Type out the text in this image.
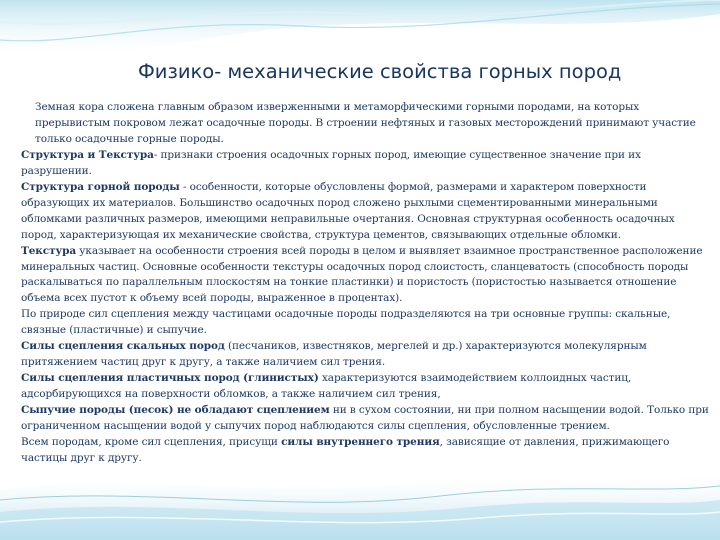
Физико- механические свойства горных пород

Земная кора сложена главным образом изверженными и метаморфическими горными породами, на которых прерывистым покровом лежат осадочные породы. В строении нефтяных и газовых месторождений принимают участие только осадочные горные породы.

Структура и Текстура- признаки строения осадочных горных пород, имеющие существенное значение при их разрушении.

Структура горной породы - особенности, которые обусловлены формой, размерами и характером поверхности образующих их материалов. Большинство осадочных пород сложено рыхлыми сцементированными минеральными обломками различных размеров, имеющими неправильные очертания. Основная структурная особенность осадочных пород, характеризующая их механические свойства, структура цементов, связывающих отдельные обломки.

Текстура указывает на особенности строения всей породы в целом и выявляет взаимное пространственное расположение минеральных частиц. Основные особенности текстуры осадочных пород слоистость, сланцеватость (способность породы раскалываться по параллельным плоскостям на тонкие пластинки) и пористость (пористостью называется отношение объема всех пустот к объему всей породы, выраженное в процентах).

По природе сил сцепления между частицами осадочные породы подразделяются на три основные группы: скальные, связные (пластичные) и сыпучие.

Силы сцепления скальных пород (песчаников, известняков, мергелей и др.) характеризуются молекулярным притяжением частиц друг к другу, а также наличием сил трения.

Силы сцепления пластичных пород (глинистых) характеризуются взаимодействием коллоидных частиц, адсорбирующихся на поверхности обломков, а также наличием сил трения,

Сыпучие породы (песок) не обладают сцеплением ни в сухом состоянии, ни при полном насыщении водой. Только при ограниченном насыщении водой у сыпучих пород наблюдаются силы сцепления, обусловленные трением.

Всем породам, кроме сил сцепления, присущи силы внутреннего трения, зависящие от давления, прижимающего частицы друг к другу.
